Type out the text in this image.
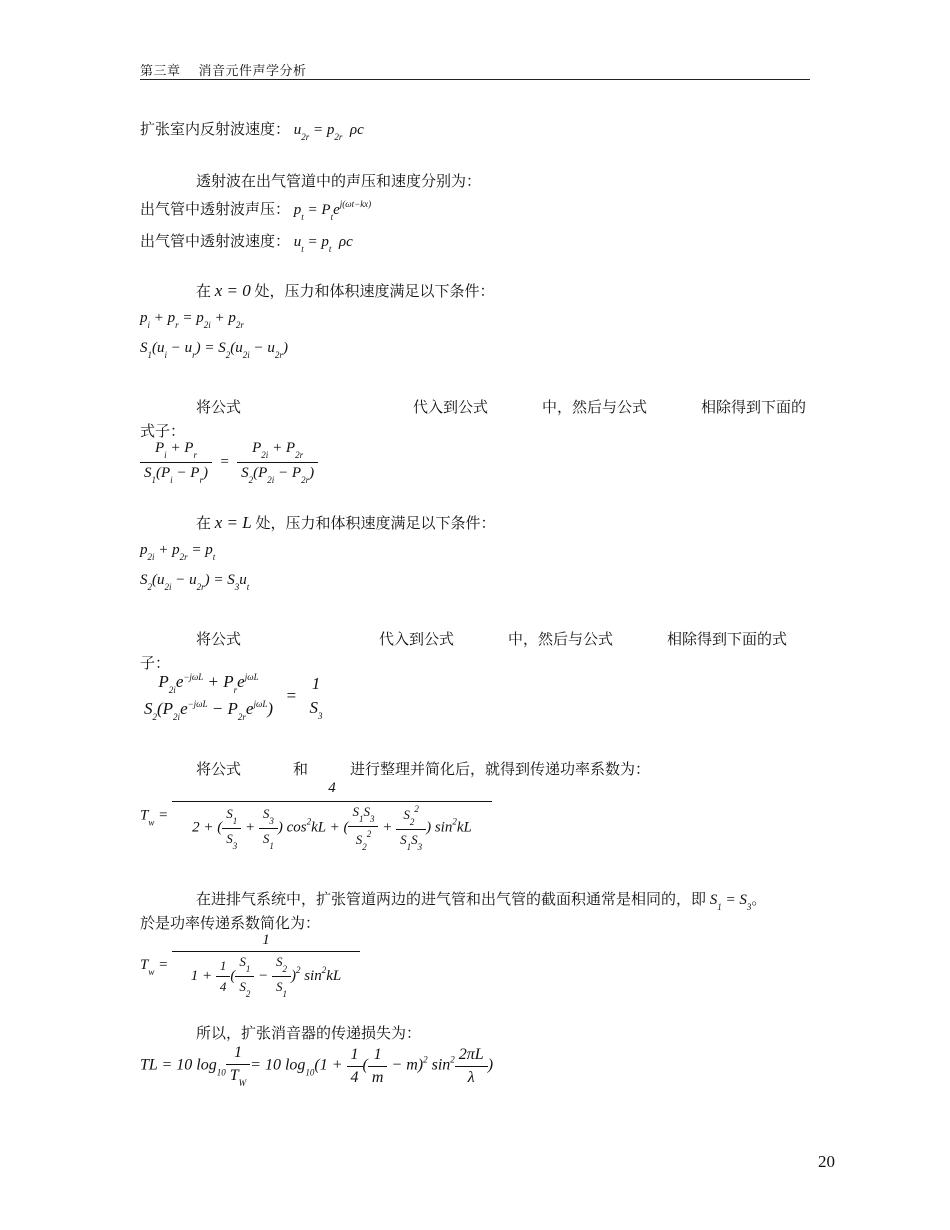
第三章 消音元件声学分析
扩张室内反射波速度： $u_{2r} = p_{2r}$  ρc
透射波在出气管道中的声压和速度分别为：
出气管中透射波声压： $p_t = P_te^{j(\omega t-kx)}$
出气管中透射波速度： $u_t = p_t$  ρc
在 x = 0 处，压力和体积速度满足以下条件：
$p_i + p_r = p_{2i} + p_{2r}$
$S_1(u_i - u_r) = S_2(u_{2i} - u_{2r})$
将公式	代入到公式	中，然后与公式	相除得到下面的
式子：
$\frac{P_i + P_r}{S_1(P_i - P_r)} = \frac{P_{2i} + P_{2r}}{S_2(P_{2i} - P_{2r})}$
在 x = L 处，压力和体积速度满足以下条件：
$p_{2i} + p_{2r} = p_t$
$S_2(u_{2i} - u_{2r}) = S_3u_t$
将公式	代入到公式	中，然后与公式	相除得到下面的式
子：
$P_{2i}e^{-j\omega L} + P_re^{j\omega L}$
$S_2(P_{2i}e^{-j\omega L} - P_{2r}e^{j\omega L})$
=
1
$S_3$
将公式	和	进行整理并简化后，就得到传递功率系数为：
$T_w = \frac{4}{2 + ( \frac{S_1}{S_3} + \frac{S_3}{S_1} ) \cos^2kL + ( \frac{S_1S_3}{S_2^2} + \frac{S_2^2}{S_1S_3} ) \sin^2kL}$
在进排气系统中，扩张管道两边的进气管和出气管的截面积通常是相同的，即 $S_1 = S_3$。
於是功率传递系数简化为：
$T_w = \frac{1}{1 + \frac{1}{4} ( \frac{S_1}{S_2} - \frac{S_2}{S_1} )^2 \sin^2kL}$
所以，扩张消音器的传递损失为：
TL = 10 $\log_{10} \frac{1}{T_W} = 10$ $\log_{10}(1 + \frac{1}{4}$ ( $\frac{1}{m} - m)^2$ $\sin^2 \frac{2\pi L}{\lambda}$ )
20
